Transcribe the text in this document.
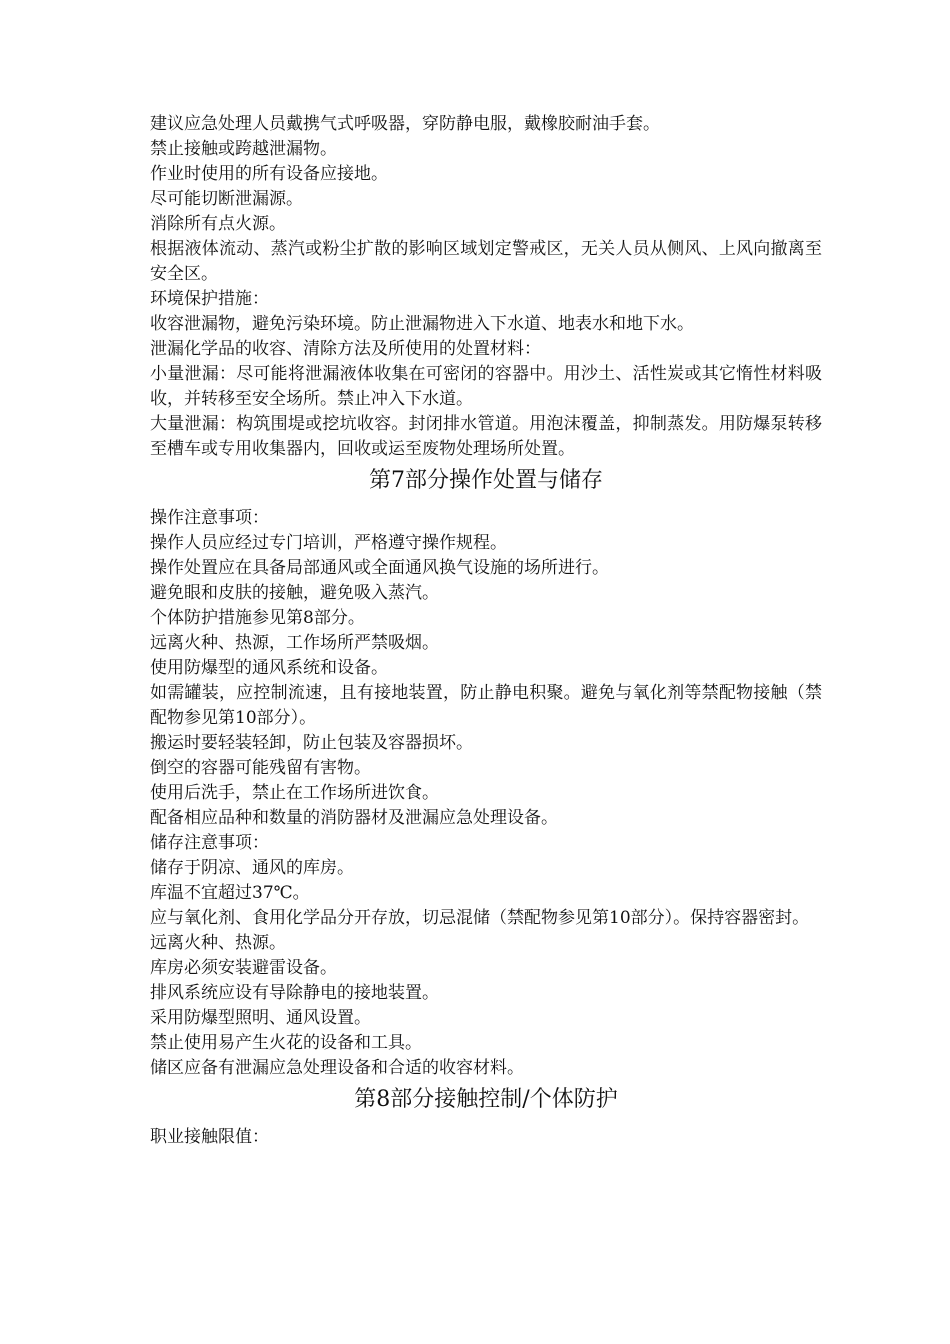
建议应急处理人员戴携气式呼吸器，穿防静电服，戴橡胶耐油手套。

禁止接触或跨越泄漏物。

作业时使用的所有设备应接地。

尽可能切断泄漏源。

消除所有点火源。

根据液体流动、蒸汽或粉尘扩散的影响区域划定警戒区，无关人员从侧风、上风向撤离至安全区。

环境保护措施：

收容泄漏物，避免污染环境。防止泄漏物进入下水道、地表水和地下水。

泄漏化学品的收容、清除方法及所使用的处置材料：

小量泄漏：尽可能将泄漏液体收集在可密闭的容器中。用沙土、活性炭或其它惰性材料吸收，并转移至安全场所。禁止冲入下水道。

大量泄漏：构筑围堤或挖坑收容。封闭排水管道。用泡沫覆盖，抑制蒸发。用防爆泵转移至槽车或专用收集器内，回收或运至废物处理场所处置。

第7部分操作处置与储存

操作注意事项：

操作人员应经过专门培训，严格遵守操作规程。

操作处置应在具备局部通风或全面通风换气设施的场所进行。

避免眼和皮肤的接触，避免吸入蒸汽。

个体防护措施参见第8部分。

远离火种、热源，工作场所严禁吸烟。

使用防爆型的通风系统和设备。

如需罐装，应控制流速，且有接地装置，防止静电积聚。避免与氧化剂等禁配物接触（禁配物参见第10部分）。

搬运时要轻装轻卸，防止包装及容器损坏。

倒空的容器可能残留有害物。

使用后洗手，禁止在工作场所进饮食。

配备相应品种和数量的消防器材及泄漏应急处理设备。

储存注意事项：

储存于阴凉、通风的库房。

库温不宜超过37℃。

应与氧化剂、食用化学品分开存放，切忌混储（禁配物参见第10部分）。保持容器密封。

远离火种、热源。

库房必须安装避雷设备。

排风系统应设有导除静电的接地装置。

采用防爆型照明、通风设置。

禁止使用易产生火花的设备和工具。

储区应备有泄漏应急处理设备和合适的收容材料。

第8部分接触控制/个体防护

职业接触限值：
